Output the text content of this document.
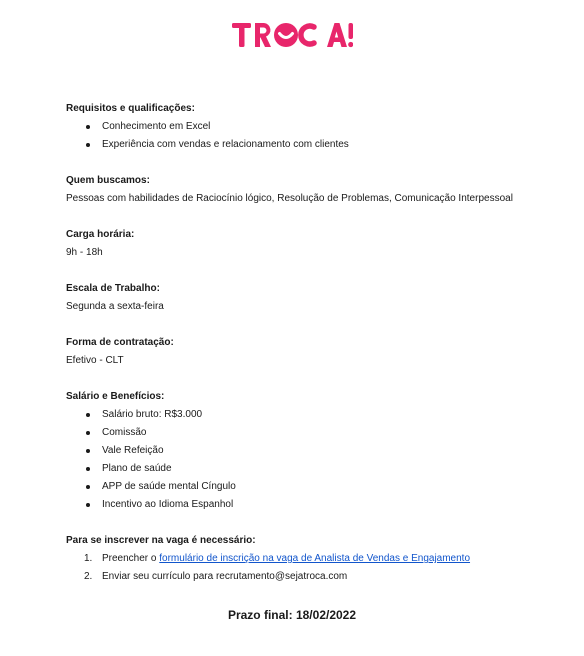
Requisitos e qualificações:

Conhecimento em Excel
Experiência com vendas e relacionamento com clientes

Quem buscamos:

Pessoas com habilidades de Raciocínio lógico, Resolução de Problemas, Comunicação Interpessoal

Carga horária:

9h - 18h

Escala de Trabalho:

Segunda a sexta-feira

Forma de contratação:

Efetivo - CLT

Salário e Benefícios:

Salário bruto: R$3.000
Comissão
Vale Refeição
Plano de saúde
APP de saúde mental Cíngulo
Incentivo ao Idioma Espanhol

Para se inscrever na vaga é necessário:

1. Preencher o formulário de inscrição na vaga de Analista de Vendas e Engajamento
2. Enviar seu currículo para recrutamento@sejatroca.com
Prazo final: 18/02/2022
